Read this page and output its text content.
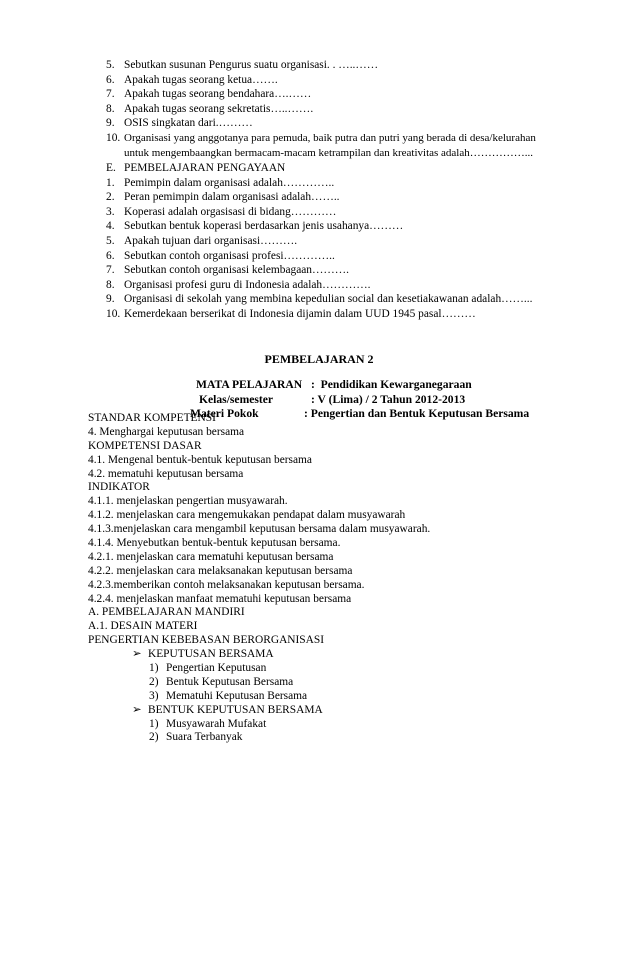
5. Sebutkan susunan Pengurus suatu organisasi. . …..……
6. Apakah tugas seorang ketua…….
7. Apakah tugas seorang bendahara….……
8. Apakah tugas seorang sekretatis…..…….
9. OSIS singkatan dari.………
10. Organisasi yang anggotanya para pemuda, baik putra dan putri yang berada di desa/kelurahan
untuk mengembaangkan bermacam-macam ketrampilan dan kreativitas adalah……………...
E. PEMBELAJARAN PENGAYAAN
1. Pemimpin dalam organisasi adalah…………..
2. Peran pemimpin dalam organisasi adalah……..
3. Koperasi adalah orgasisasi di bidang…………
4. Sebutkan bentuk koperasi berdasarkan jenis usahanya………
5. Apakah tujuan dari organisasi……….
6. Sebutkan contoh organisasi profesi…………..
7. Sebutkan contoh organisasi kelembagaan……….
8. Organisasi profesi guru di Indonesia adalah………….
9. Organisasi di sekolah yang membina kepedulian social dan kesetiakawanan adalah……...
10. Kemerdekaan berserikat di Indonesia dijamin dalam UUD 1945 pasal………
PEMBELAJARAN 2
MATA PELAJARAN :  Pendidikan Kewarganegaraan
Kelas/semester	: V (Lima) / 2 Tahun 2012-2013
Materi Pokok	: Pengertian dan Bentuk Keputusan Bersama
STANDAR KOMPETENSI
4. Menghargai keputusan bersama
KOMPETENSI DASAR
4.1. Mengenal bentuk-bentuk keputusan bersama
4.2. mematuhi keputusan bersama
INDIKATOR
4.1.1. menjelaskan pengertian musyawarah.
4.1.2. menjelaskan cara mengemukakan pendapat dalam musyawarah
4.1.3.menjelaskan cara mengambil keputusan bersama dalam musyawarah.
4.1.4. Menyebutkan bentuk-bentuk keputusan bersama.
4.2.1. menjelaskan cara mematuhi keputusan bersama
4.2.2. menjelaskan cara melaksanakan keputusan bersama
4.2.3.memberikan contoh melaksanakan keputusan bersama.
4.2.4. menjelaskan manfaat mematuhi keputusan bersama
A. PEMBELAJARAN MANDIRI
A.1. DESAIN MATERI
PENGERTIAN KEBEBASAN BERORGANISASI
➢ KEPUTUSAN BERSAMA
1) Pengertian Keputusan
2) Bentuk Keputusan Bersama
3) Mematuhi Keputusan Bersama
➢ BENTUK KEPUTUSAN BERSAMA
1) Musyawarah Mufakat
2) Suara Terbanyak
